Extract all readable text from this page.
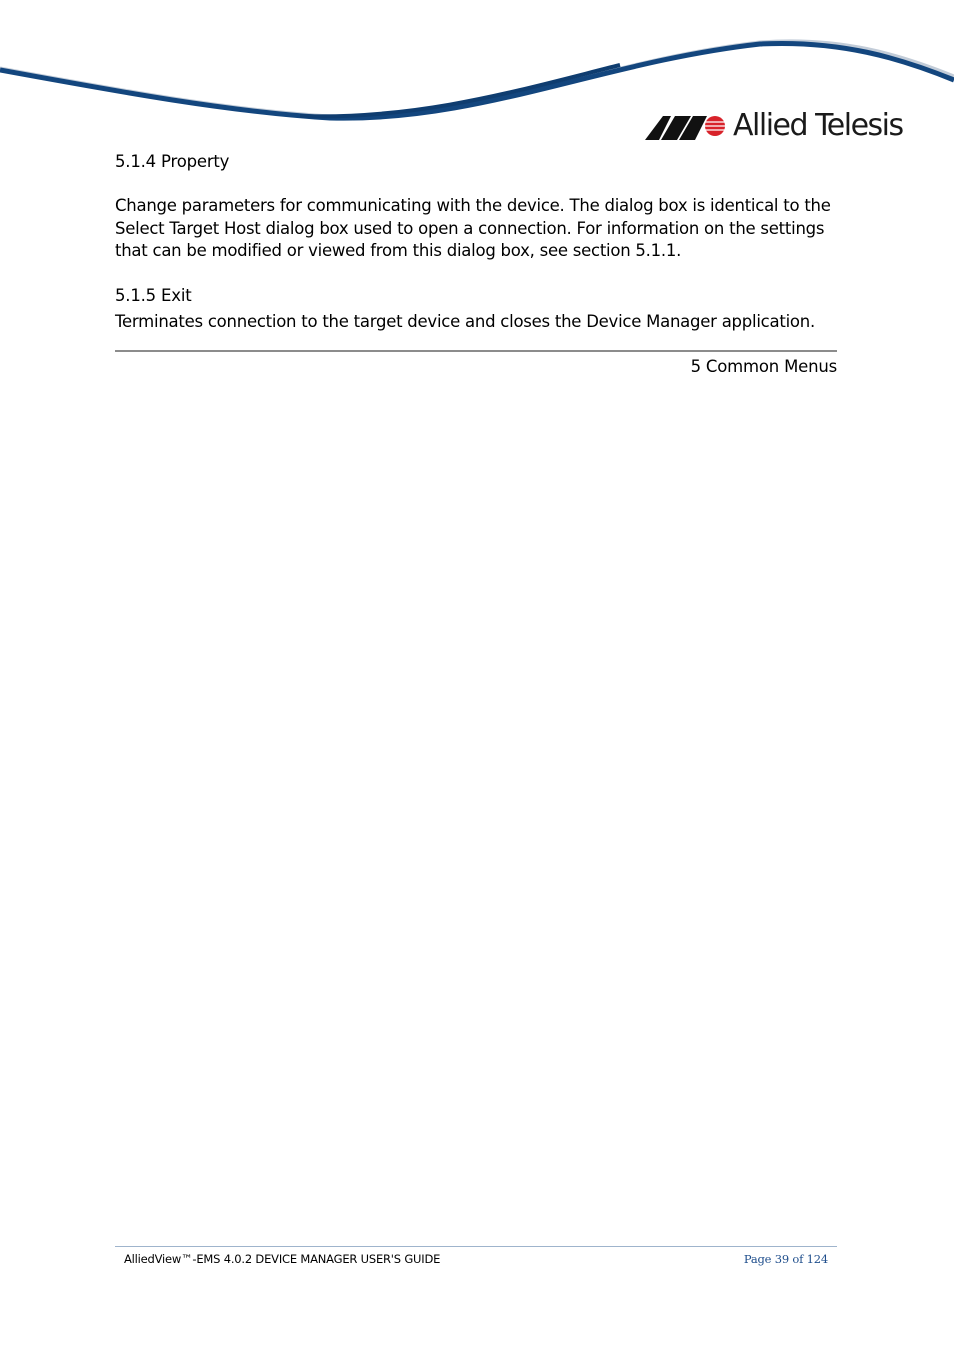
Allied Telesis
5.1.4 Property
Change parameters for communicating with the device. The dialog box is identical to the Select Target Host dialog box used to open a connection. For information on the settings that can be modified or viewed from this dialog box, see section 5.1.1.
5.1.5 Exit
Terminates connection to the target device and closes the Device Manager application.
5 Common Menus
AlliedView™-EMS 4.0.2 DEVICE MANAGER USER'S GUIDE	Page 39 of 124
